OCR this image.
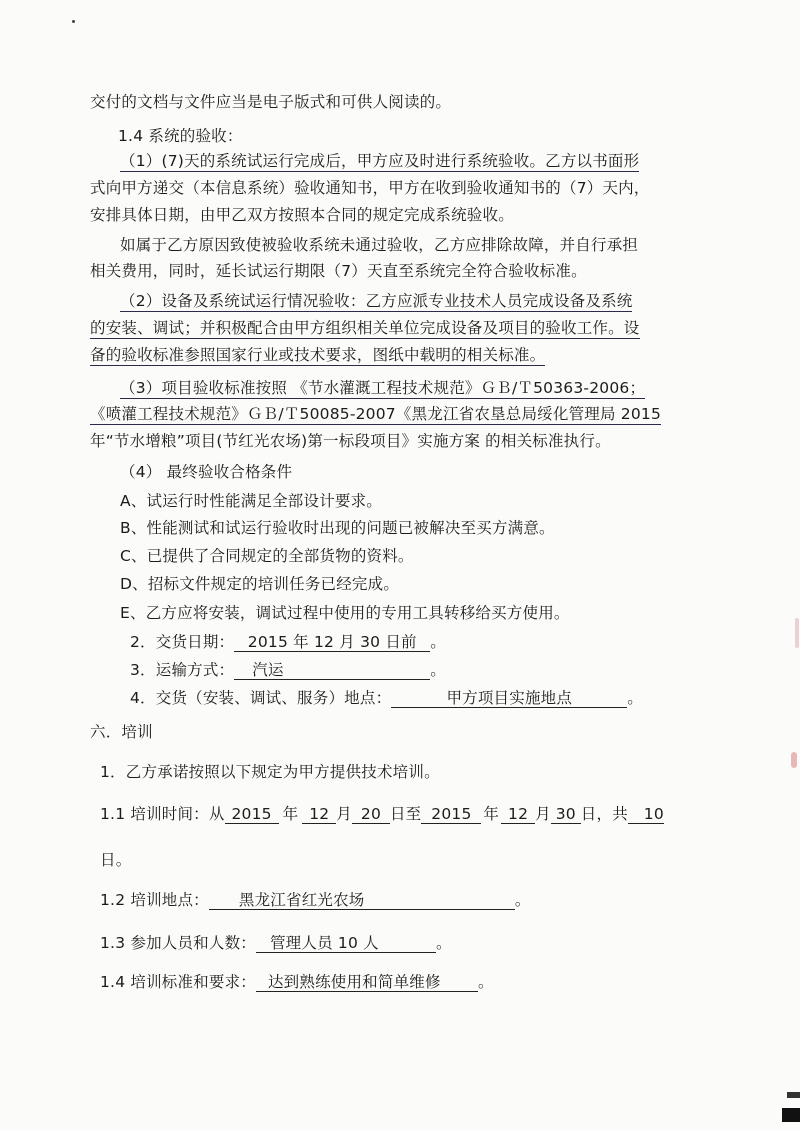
交付的文档与文件应当是电子版式和可供人阅读的。
1.4 系统的验收：
（1）(7)天的系统试运行完成后，甲方应及时进行系统验收。乙方以书面形
式向甲方递交（本信息系统）验收通知书，甲方在收到验收通知书的（7）天内，
安排具体日期，由甲乙双方按照本合同的规定完成系统验收。
如属于乙方原因致使被验收系统未通过验收，乙方应排除故障，并自行承担
相关费用，同时，延长试运行期限（7）天直至系统完全符合验收标准。
（2）设备及系统试运行情况验收：乙方应派专业技术人员完成设备及系统
的安装、调试；并积极配合由甲方组织相关单位完成设备及项目的验收工作。设
备的验收标准参照国家行业或技术要求，图纸中载明的相关标准。
（3）项目验收标准按照 《节水灌溉工程技术规范》ＧＢ/Ｔ50363-2006；
《喷灌工程技术规范》ＧＢ/Ｔ50085-2007《黑龙江省农垦总局绥化管理局 2015
年“节水增粮”项目(节红光农场)第一标段项目》实施方案 的相关标准执行。
（4） 最终验收合格条件
A、试运行时性能满足全部设计要求。
B、性能测试和试运行验收时出现的问题已被解决至买方满意。
C、已提供了合同规定的全部货物的资料。
D、招标文件规定的培训任务已经完成。
E、乙方应将安装，调试过程中使用的专用工具转移给买方使用。
2．交货日期： 2015 年 12 月 30 日前 。
3．运输方式： 汽运	。
4．交货（安装、调试、服务）地点：	甲方项目实施地点	。
六．培训
1．乙方承诺按照以下规定为甲方提供技术培训。
1.1 培训时间：从 2015 年 12 月 20 日至 2015 年 12 月 30 日，共 10
日。
1.2 培训地点： 黑龙江省红光农场	。
1.3 参加人员和人数： 管理人员 10 人	。
1.4 培训标准和要求： 达到熟练使用和简单维修 。
